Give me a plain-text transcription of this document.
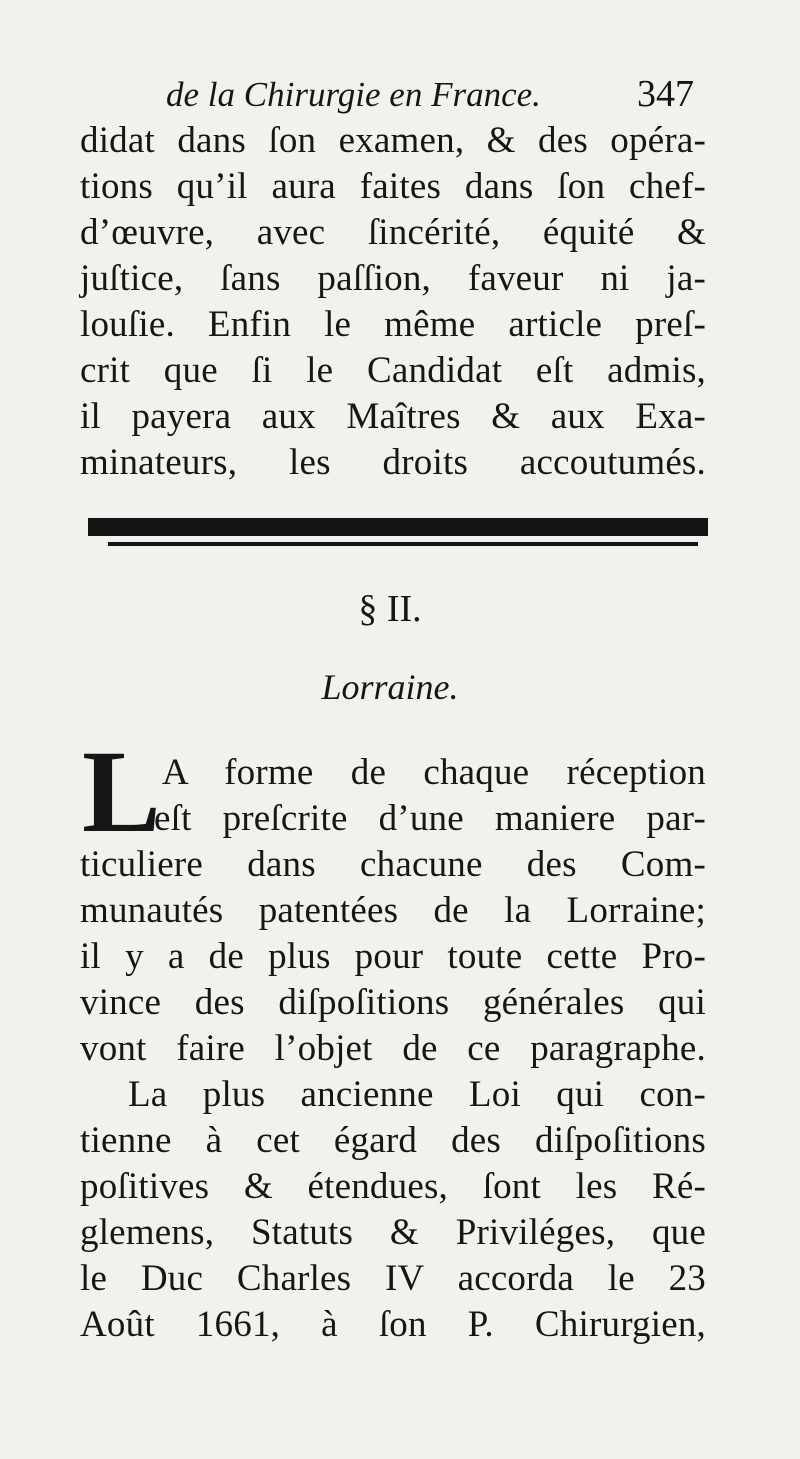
de la Chirurgie en France.	347
didat dans ſon examen, & des opéra-
tions qu’il aura faites dans ſon chef-
d’œuvre, avec ſincérité, équité &
juſtice, ſans paſſion, faveur ni ja-
louſie. Enfin le même article preſ-
crit que ſi le Candidat eſt admis,
il payera aux Maîtres & aux Exa-
minateurs, les droits accoutumés.
§ II.
Lorraine.
L A forme de chaque réception
eſt preſcrite d’une maniere par-
ticuliere dans chacune des Com-
munautés patentées de la Lorraine;
il y a de plus pour toute cette Pro-
vince des diſpoſitions générales qui
vont faire l’objet de ce paragraphe.
La plus ancienne Loi qui con-
tienne à cet égard des diſpoſitions
poſitives & étendues, ſont les Ré-
glemens, Statuts & Priviléges, que
le Duc Charles IV accorda le 23
Août 1661, à ſon P. Chirurgien,
